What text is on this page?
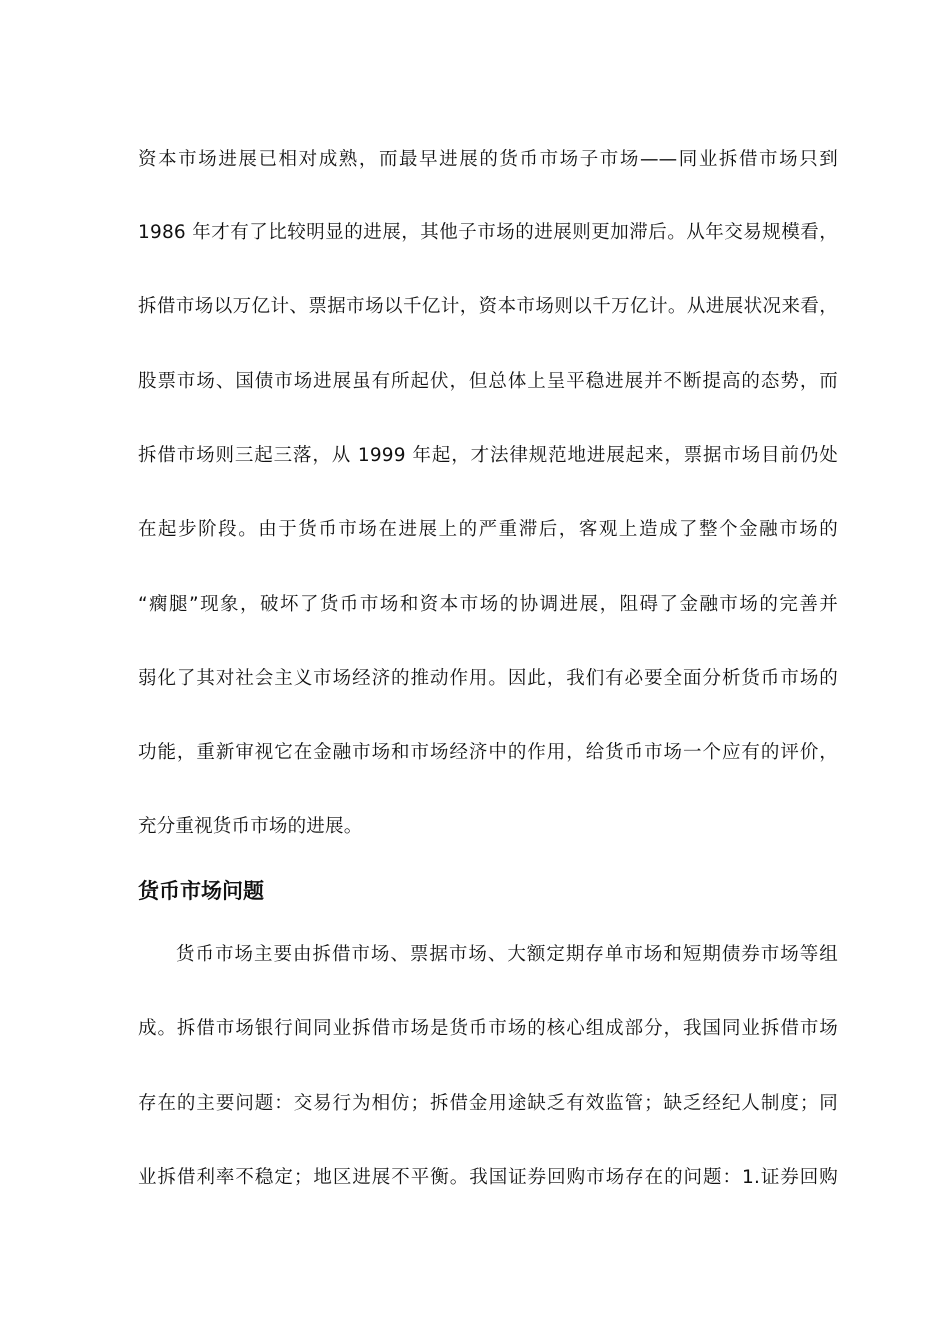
资本市场进展已相对成熟，而最早进展的货币市场子市场——同业拆借市场只到
1986 年才有了比较明显的进展，其他子市场的进展则更加滞后。从年交易规模看，
拆借市场以万亿计、票据市场以千亿计，资本市场则以千万亿计。从进展状况来看，
股票市场、国债市场进展虽有所起伏，但总体上呈平稳进展并不断提高的态势，而
拆借市场则三起三落，从 1999 年起，才法律规范地进展起来，票据市场目前仍处
在起步阶段。由于货币市场在进展上的严重滞后，客观上造成了整个金融市场的
“瘸腿”现象，破坏了货币市场和资本市场的协调进展，阻碍了金融市场的完善并
弱化了其对社会主义市场经济的推动作用。因此，我们有必要全面分析货币市场的
功能，重新审视它在金融市场和市场经济中的作用，给货币市场一个应有的评价，
充分重视货币市场的进展。
货币市场问题
货币市场主要由拆借市场、票据市场、大额定期存单市场和短期债券市场等组
成。拆借市场银行间同业拆借市场是货币市场的核心组成部分，我国同业拆借市场
存在的主要问题：交易行为相仿；拆借金用途缺乏有效监管；缺乏经纪人制度；同
业拆借利率不稳定；地区进展不平衡。我国证券回购市场存在的问题：1.证券回购
